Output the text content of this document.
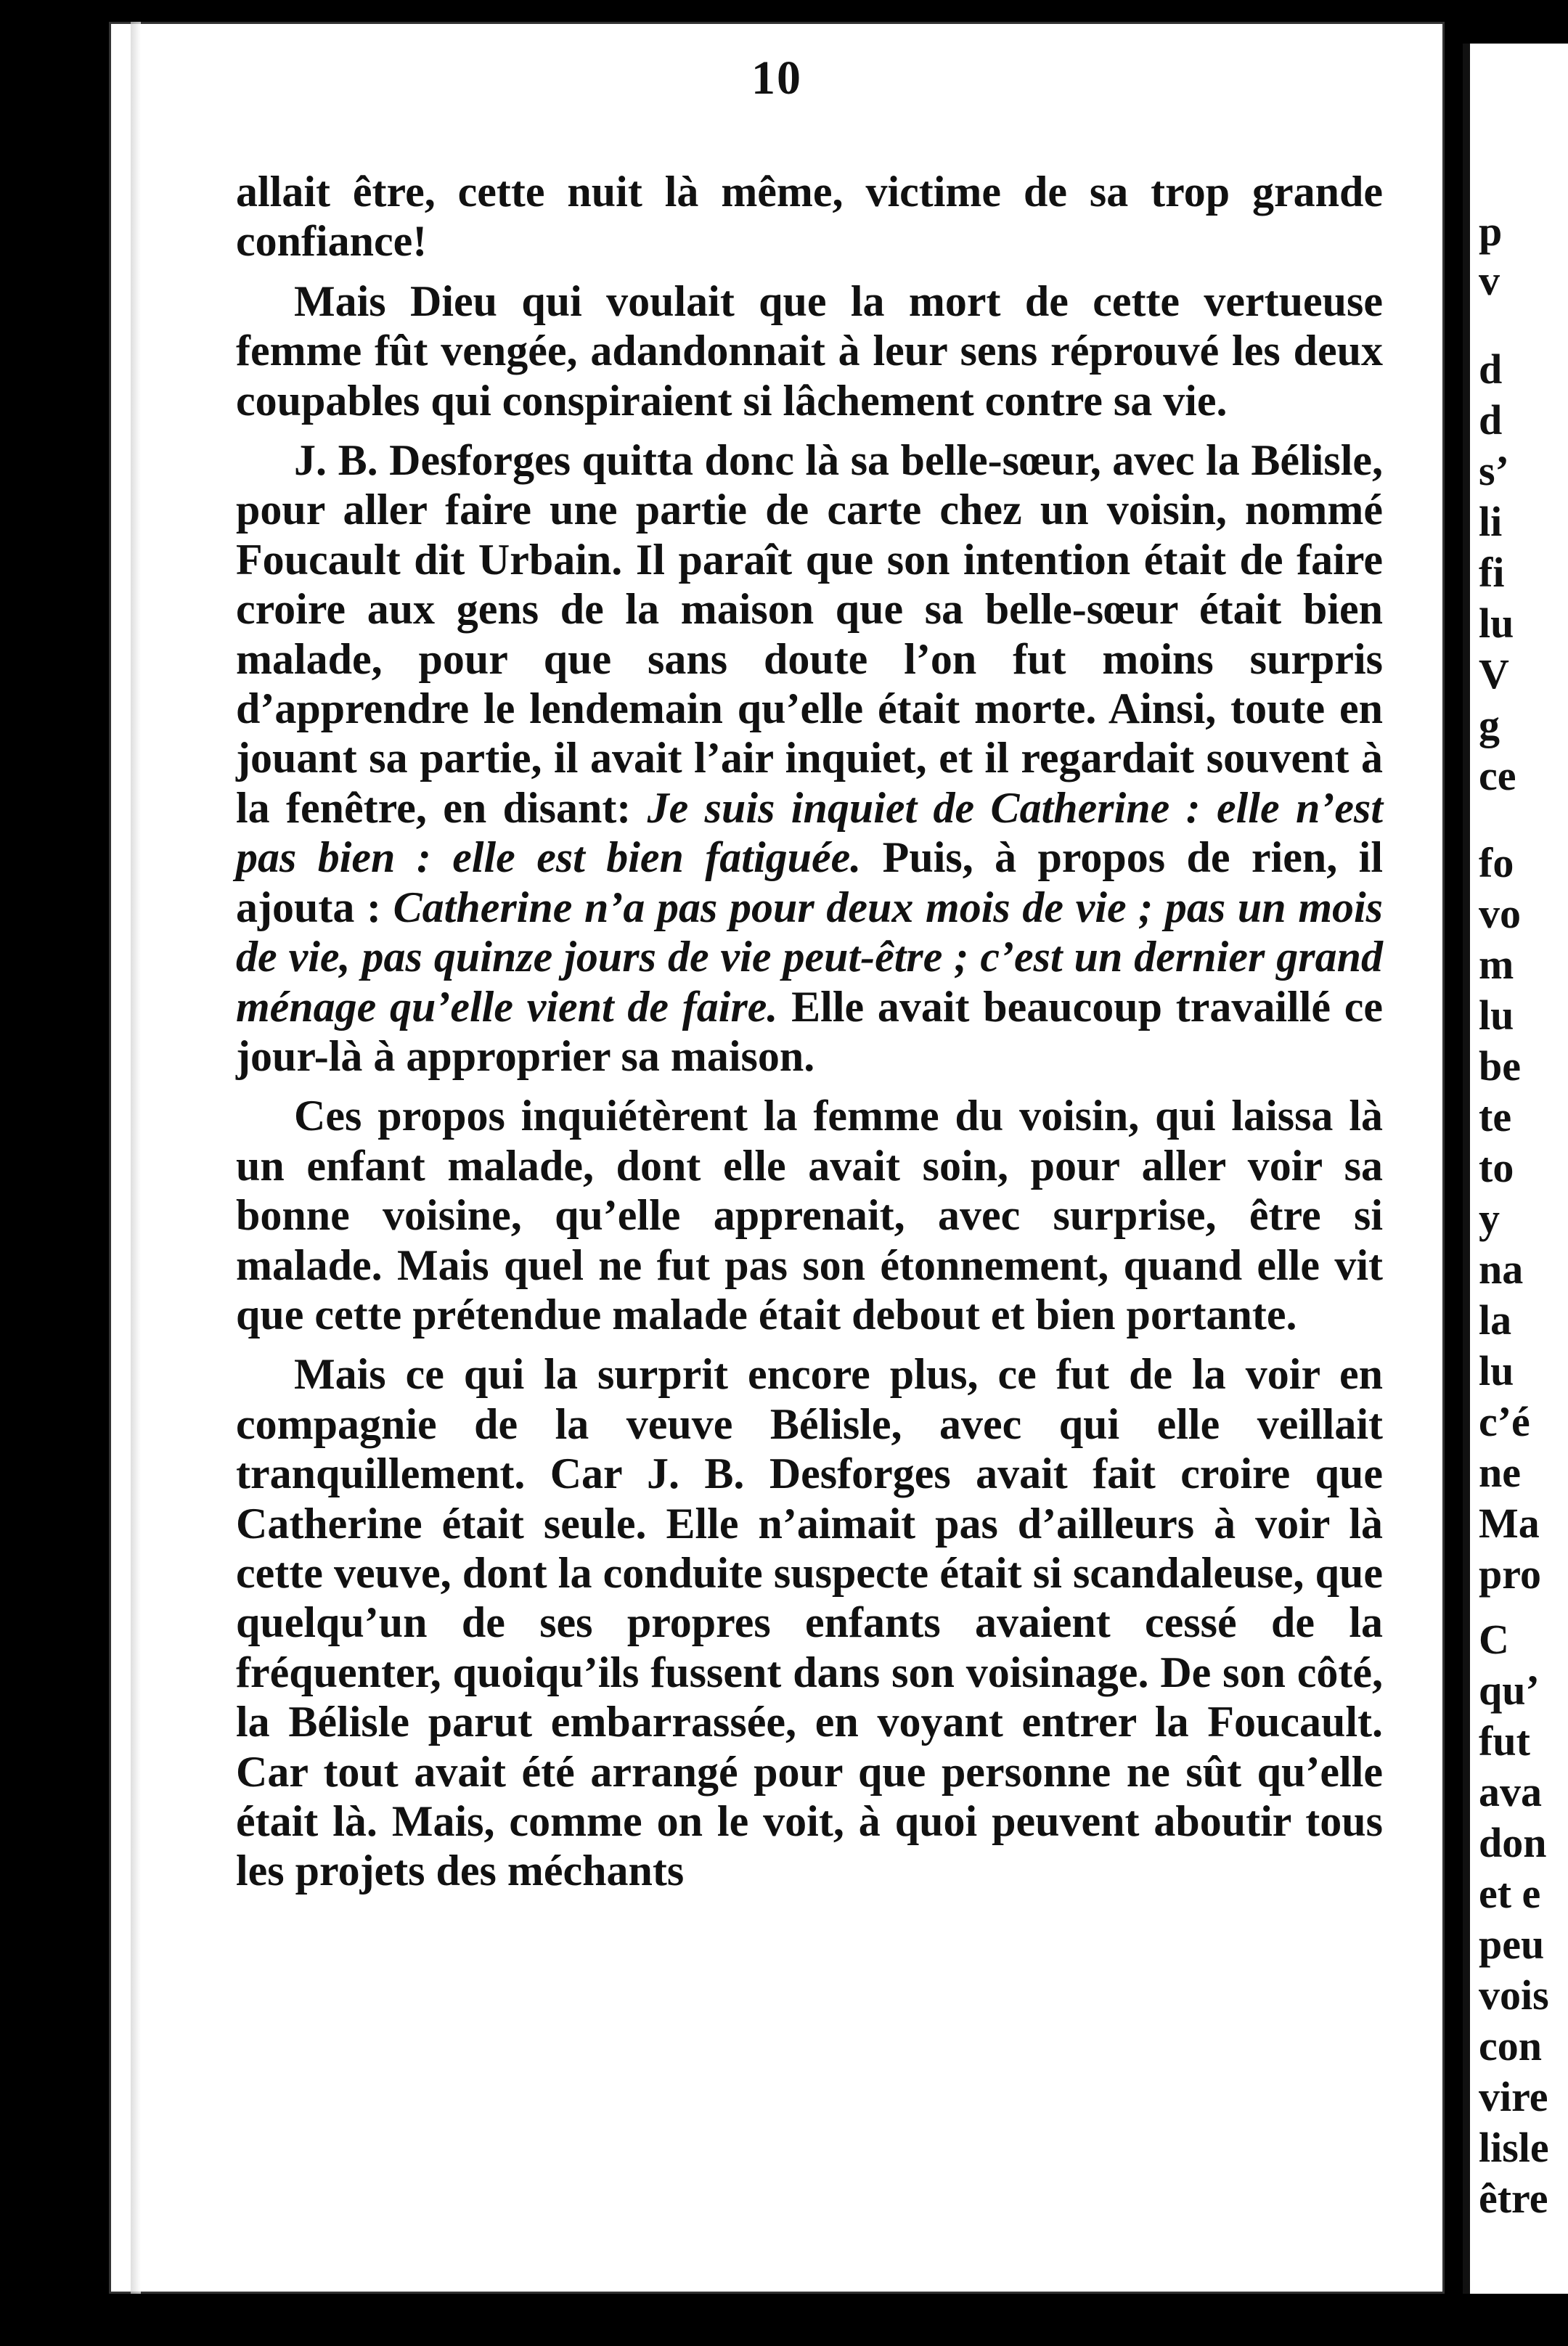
10

allait être, cette nuit là même, victime de sa trop grande confiance!

Mais Dieu qui voulait que la mort de cette vertueuse femme fût vengée, adandonnait à leur sens réprouvé les deux coupables qui conspiraient si lâchement contre sa vie.

J. B. Desforges quitta donc là sa belle-sœur, avec la Bélisle, pour aller faire une partie de carte chez un voisin, nommé Foucault dit Urbain. Il paraît que son intention était de faire croire aux gens de la maison que sa belle-sœur était bien malade, pour que sans doute l’on fut moins surpris d’apprendre le lendemain qu’elle était morte. Ainsi, toute en jouant sa partie, il avait l’air inquiet, et il regardait souvent à la fenêtre, en disant: Je suis inquiet de Catherine : elle n’est pas bien : elle est bien fatiguée. Puis, à propos de rien, il ajouta : Catherine n’a pas pour deux mois de vie ; pas un mois de vie, pas quinze jours de vie peut-être ; c’est un dernier grand ménage qu’elle vient de faire. Elle avait beaucoup travaillé ce jour-là à approprier sa maison.

Ces propos inquiétèrent la femme du voisin, qui laissa là un enfant malade, dont elle avait soin, pour aller voir sa bonne voisine, qu’elle apprenait, avec surprise, être si malade. Mais quel ne fut pas son étonnement, quand elle vit que cette prétendue malade était debout et bien portante.

Mais ce qui la surprit encore plus, ce fut de la voir en compagnie de la veuve Bélisle, avec qui elle veillait tranquillement. Car J. B. Desforges avait fait croire que Catherine était seule. Elle n’aimait pas d’ailleurs à voir là cette veuve, dont la conduite suspecte était si scandaleuse, que quelqu’un de ses propres enfants avaient cessé de la fréquenter, quoiqu’ils fussent dans son voisinage. De son côté, la Bélisle parut embarrassée, en voyant entrer la Foucault. Car tout avait été arrangé pour que personne ne sût qu’elle était là. Mais, comme on le voit, à quoi peuvent aboutir tous les projets des méchants

p
v
d
d
s’
li
fi
lu
V
g
ce
fo
vo
m
lu
be
te
to
y
na
la
lu
c’é
ne
Ma
pro
C
qu’
fut
ava
don
et e
peu
vois
con
vire
lisle
être
